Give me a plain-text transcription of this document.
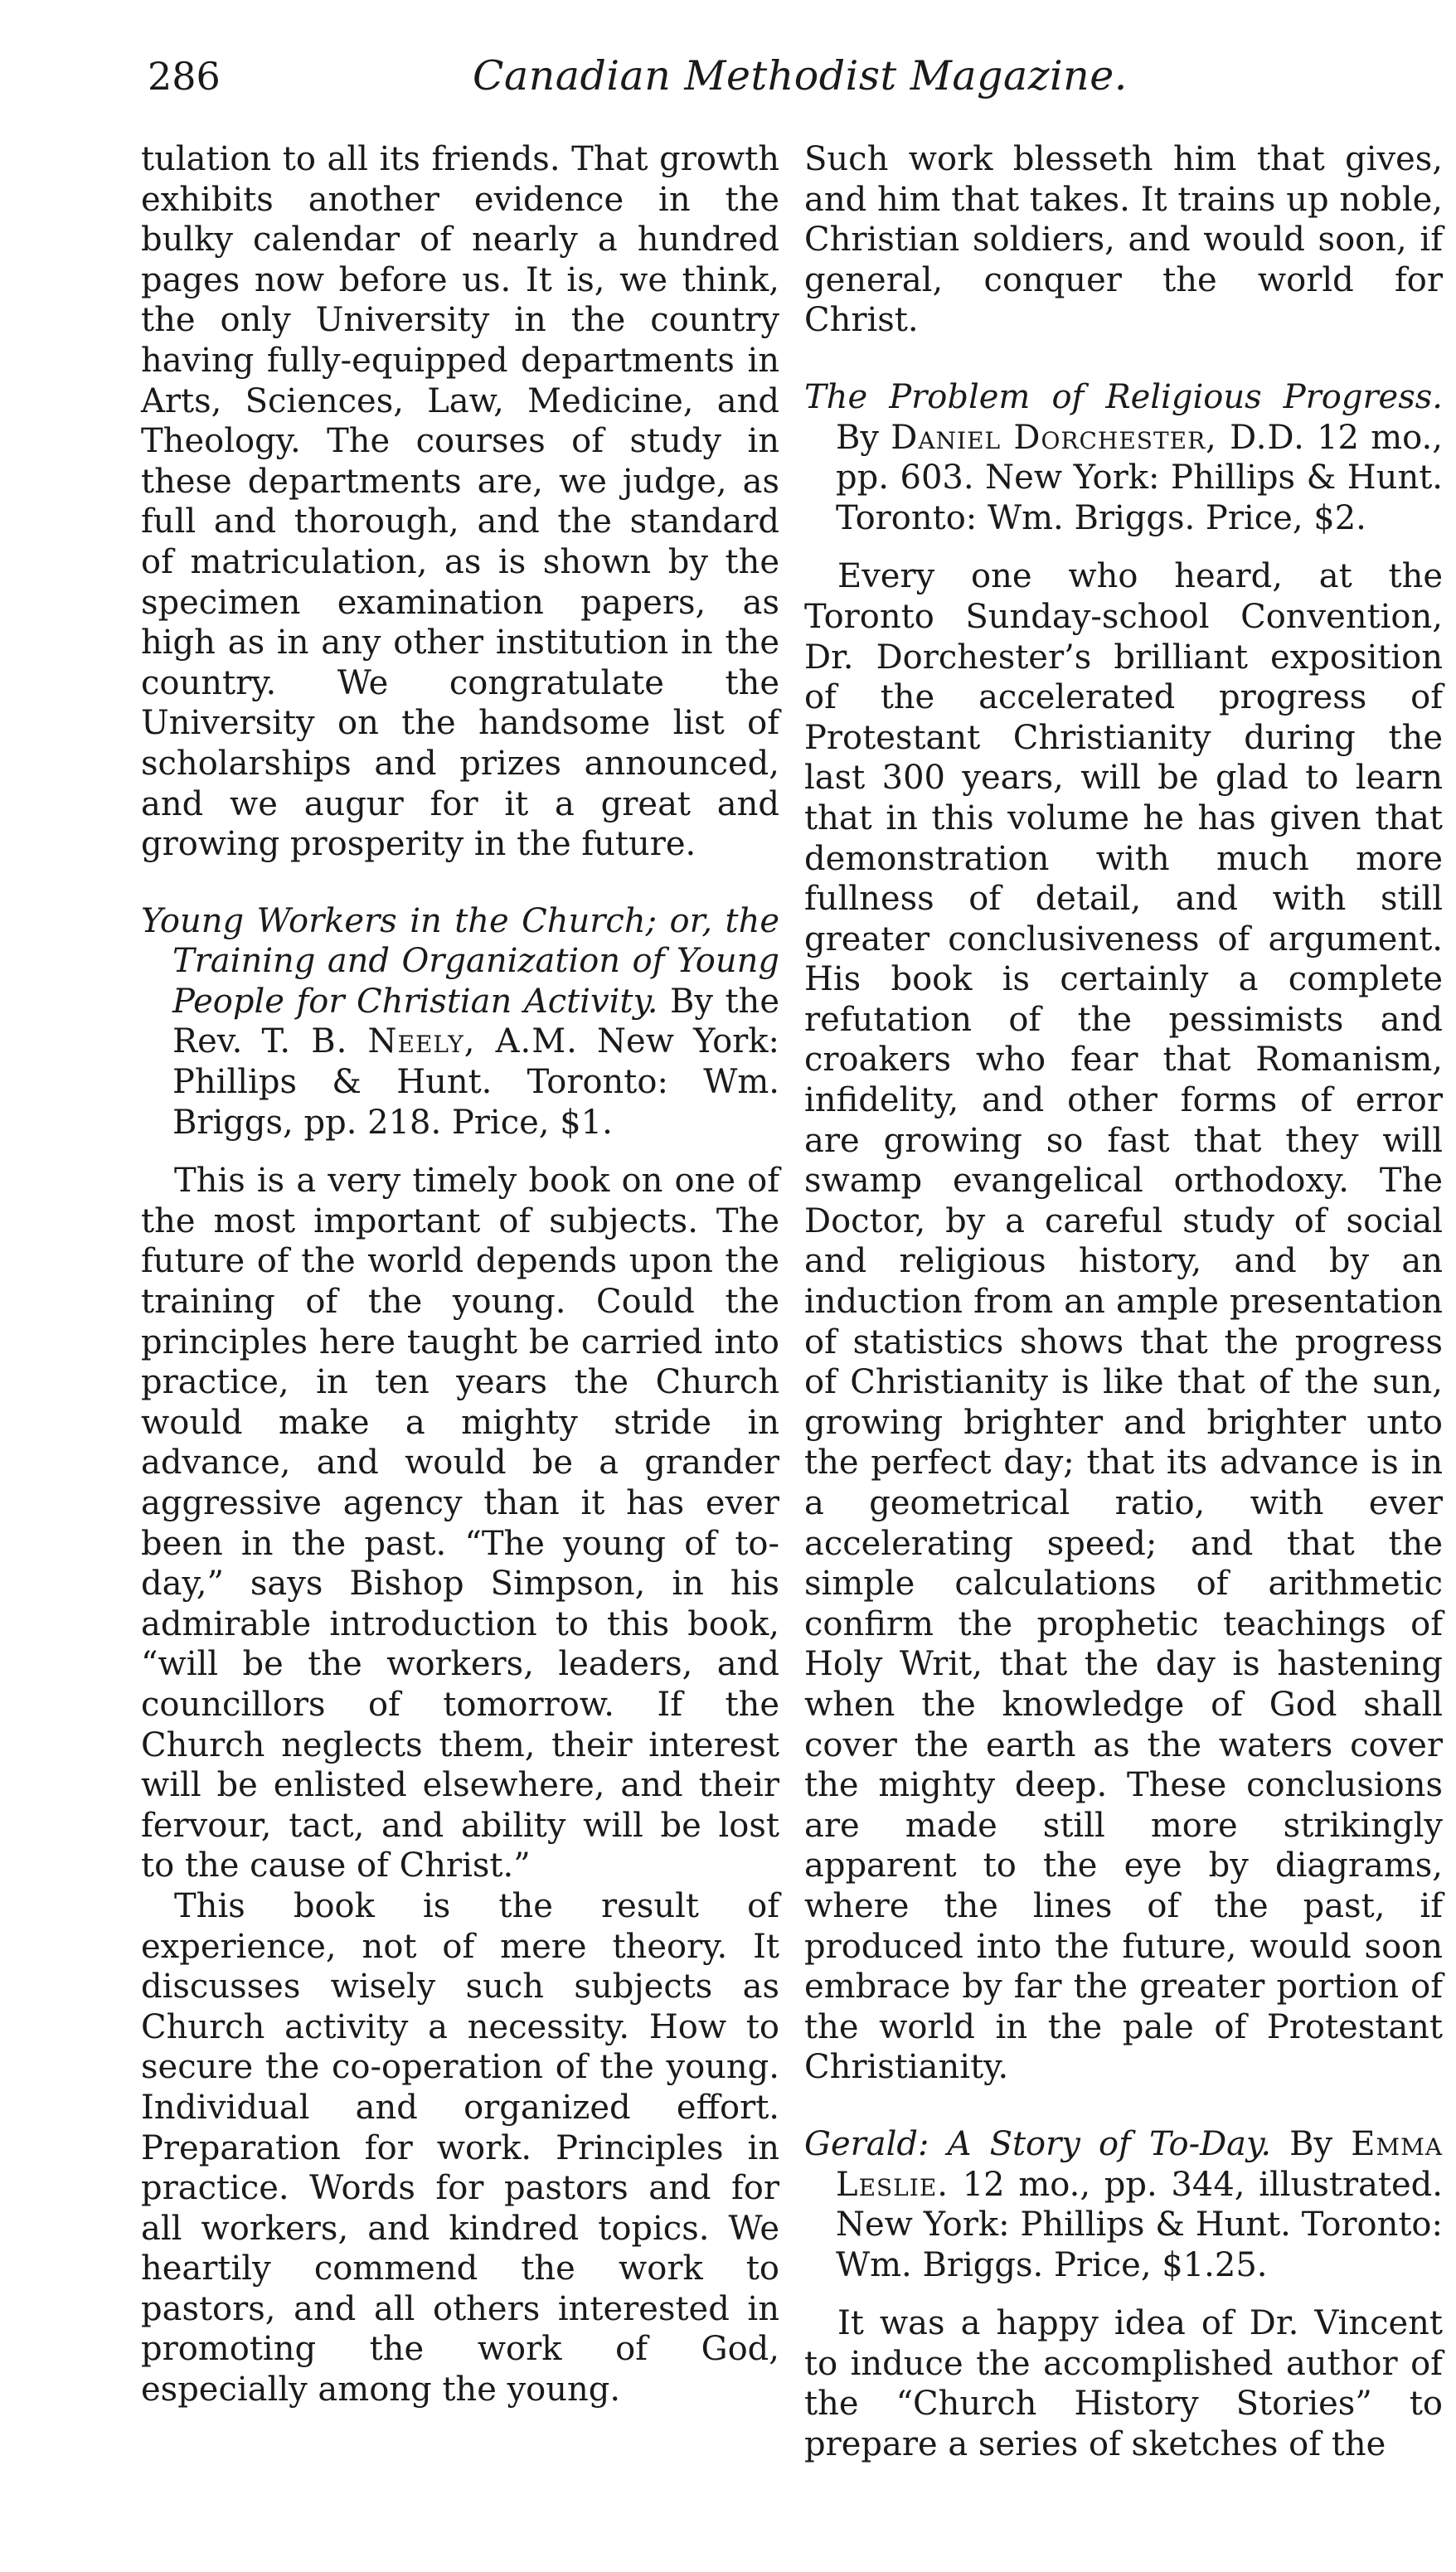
286	Canadian Methodist Magazine.

tulation to all its friends. That growth exhibits another evidence in the bulky calendar of nearly a hundred pages now before us. It is, we think, the only University in the country having fully-equipped departments in Arts, Sciences, Law, Medicine, and Theology. The courses of study in these departments are, we judge, as full and thorough, and the standard of matriculation, as is shown by the specimen examination papers, as high as in any other institution in the country. We congratulate the University on the handsome list of scholarships and prizes announced, and we augur for it a great and growing prosperity in the future.

Young Workers in the Church; or, the Training and Organization of Young People for Christian Activity. By the Rev. T. B. Neely, A.M. New York: Phillips & Hunt. Toronto: Wm. Briggs, pp. 218. Price, $1.

This is a very timely book on one of the most important of subjects. The future of the world depends upon the training of the young. Could the principles here taught be carried into practice, in ten years the Church would make a mighty stride in advance, and would be a grander aggressive agency than it has ever been in the past. “The young of to-day,” says Bishop Simpson, in his admirable introduction to this book, “will be the workers, leaders, and councillors of tomorrow. If the Church neglects them, their interest will be enlisted elsewhere, and their fervour, tact, and ability will be lost to the cause of Christ.”

This book is the result of experience, not of mere theory. It discusses wisely such subjects as Church activity a necessity. How to secure the co-operation of the young. Individual and organized effort. Preparation for work. Principles in practice. Words for pastors and for all workers, and kindred topics. We heartily commend the work to pastors, and all others interested in promoting the work of God, especially among the young.

Such work blesseth him that gives, and him that takes. It trains up noble, Christian soldiers, and would soon, if general, conquer the world for Christ.

The Problem of Religious Progress. By Daniel Dorchester, D.D. 12 mo., pp. 603. New York: Phillips & Hunt. Toronto: Wm. Briggs. Price, $2.

Every one who heard, at the Toronto Sunday-school Convention, Dr. Dorchester’s brilliant exposition of the accelerated progress of Protestant Christianity during the last 300 years, will be glad to learn that in this volume he has given that demonstration with much more fullness of detail, and with still greater conclusiveness of argument. His book is certainly a complete refutation of the pessimists and croakers who fear that Romanism, infidelity, and other forms of error are growing so fast that they will swamp evangelical orthodoxy. The Doctor, by a careful study of social and religious history, and by an induction from an ample presentation of statistics shows that the progress of Christianity is like that of the sun, growing brighter and brighter unto the perfect day; that its advance is in a geometrical ratio, with ever accelerating speed; and that the simple calculations of arithmetic confirm the prophetic teachings of Holy Writ, that the day is hastening when the knowledge of God shall cover the earth as the waters cover the mighty deep. These conclusions are made still more strikingly apparent to the eye by diagrams, where the lines of the past, if produced into the future, would soon embrace by far the greater portion of the world in the pale of Protestant Christianity.

Gerald: A Story of To-Day. By Emma Leslie. 12 mo., pp. 344, illustrated. New York: Phillips & Hunt. Toronto: Wm. Briggs. Price, $1.25.

It was a happy idea of Dr. Vincent to induce the accomplished author of the “Church History Stories” to prepare a series of sketches of the
